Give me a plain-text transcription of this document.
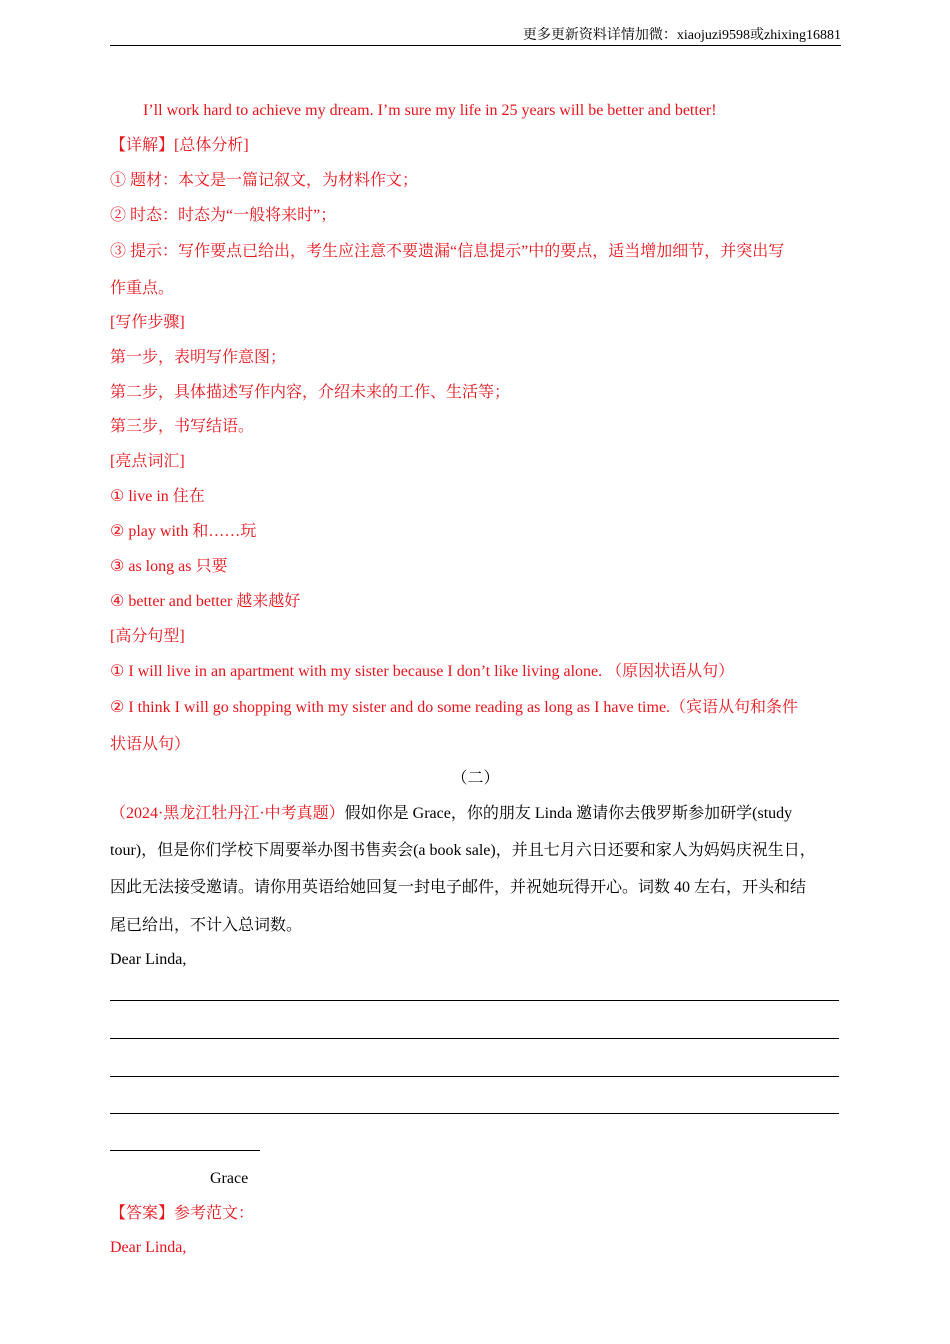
更多更新资料详情加微：xiaojuzi9598或zhixing16881
I’ll work hard to achieve my dream. I’m sure my life in 25 years will be better and better!
【详解】[总体分析]
① 题材：本文是一篇记叙文，为材料作文；
② 时态：时态为“一般将来时”；
③ 提示：写作要点已给出，考生应注意不要遗漏“信息提示”中的要点，适当增加细节，并突出写
作重点。
[写作步骤]
第一步，表明写作意图；
第二步，具体描述写作内容，介绍未来的工作、生活等；
第三步，书写结语。
[亮点词汇]
① live in 住在
② play with 和……玩
③ as long as 只要
④ better and better 越来越好
[高分句型]
① I will live in an apartment with my sister because I don’t like living alone. （原因状语从句）
② I think I will go shopping with my sister and do some reading as long as I have time.（宾语从句和条件
状语从句）
（二）
（2024·黑龙江牡丹江·中考真题）假如你是 Grace，你的朋友 Linda 邀请你去俄罗斯参加研学(study
tour)，但是你们学校下周要举办图书售卖会(a book sale)，并且七月六日还要和家人为妈妈庆祝生日，
因此无法接受邀请。请你用英语给她回复一封电子邮件，并祝她玩得开心。词数 40 左右，开头和结
尾已给出，不计入总词数。
Dear Linda,
Grace
【答案】参考范文：
Dear Linda,
